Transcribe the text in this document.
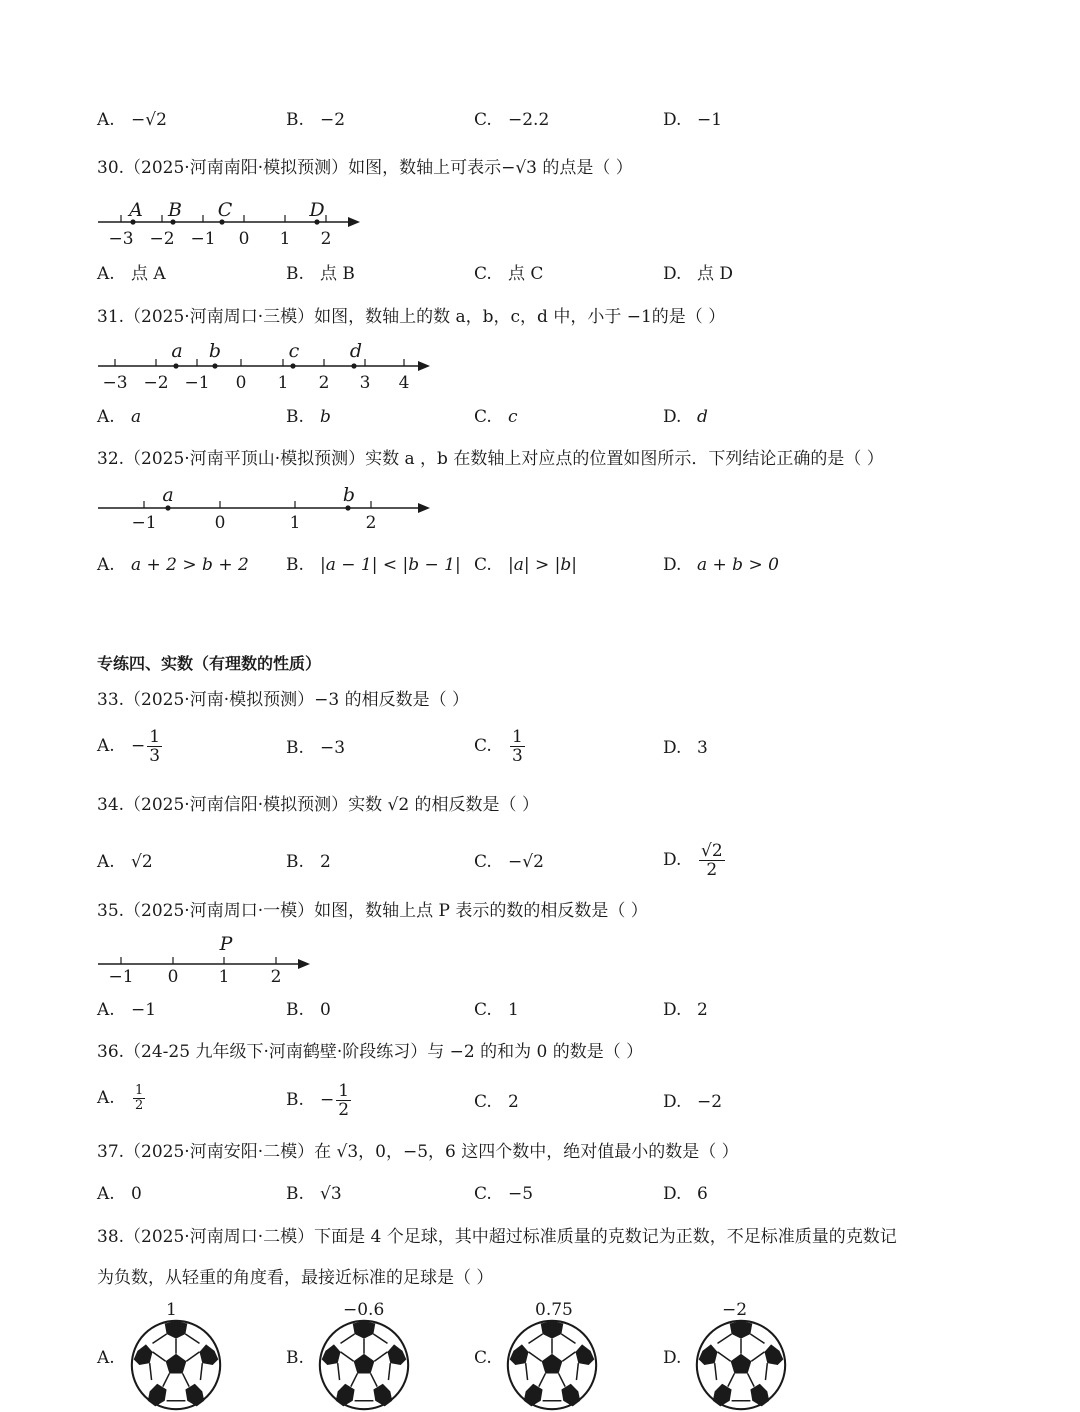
A. −√2	B. −2	C. −2.2	D. −1
30.（2025·河南南阳·模拟预测）如图，数轴上可表示−√3 的点是（ ）
−3 −2 −1 0 1 2
A B C	D
A. 点 A	B. 点 B	C. 点 C	D. 点 D
31.（2025·河南周口·三模）如图，数轴上的数 a，b，c，d 中，小于 −1的是（ ）
−3 −2 −1 0 1 2 3 4
a b	c	d
A. a	B. b	C. c	D. d
32.（2025·河南平顶山·模拟预测）实数 a ，b 在数轴上对应点的位置如图所示．下列结论正确的是（ ）
−1	0	1	2
a	b
A. a + 2 > b + 2 B. |a − 1| < |b − 1| C. |a| > |b|	D. a + b > 0
专练四、实数（有理数的性质）
33.（2025·河南·模拟预测）−3 的相反数是（ ）
A. − $\frac{1}{3}$	B. −3	C. $\frac{1}{3}$	D. 3
34.（2025·河南信阳·模拟预测）实数 √2 的相反数是（ ）
A. √2	B. 2	C. −√2	D. $\frac{√2}{2}$
35.（2025·河南周口·一模）如图，数轴上点 P 表示的数的相反数是（ ）
−1 0 1 2
P
A. −1	B. 0	C. 1	D. 2
36.（24-25 九年级下·河南鹤壁·阶段练习）与 −2 的和为 0 的数是（ ）
A. $\frac{1}{2}$	B. − $\frac{1}{2}$	C. 2	D. −2
37.（2025·河南安阳·二模）在 √3，0，−5，6 这四个数中，绝对值最小的数是（ ）
A. 0	B. √3	C. −5	D. 6
38.（2025·河南周口·二模）下面是 4 个足球，其中超过标准质量的克数记为正数，不足标准质量的克数记
为负数，从轻重的角度看，最接近标准的足球是（ ）
A.
1
B.
−0.6
C.
0.75
D.
−2
